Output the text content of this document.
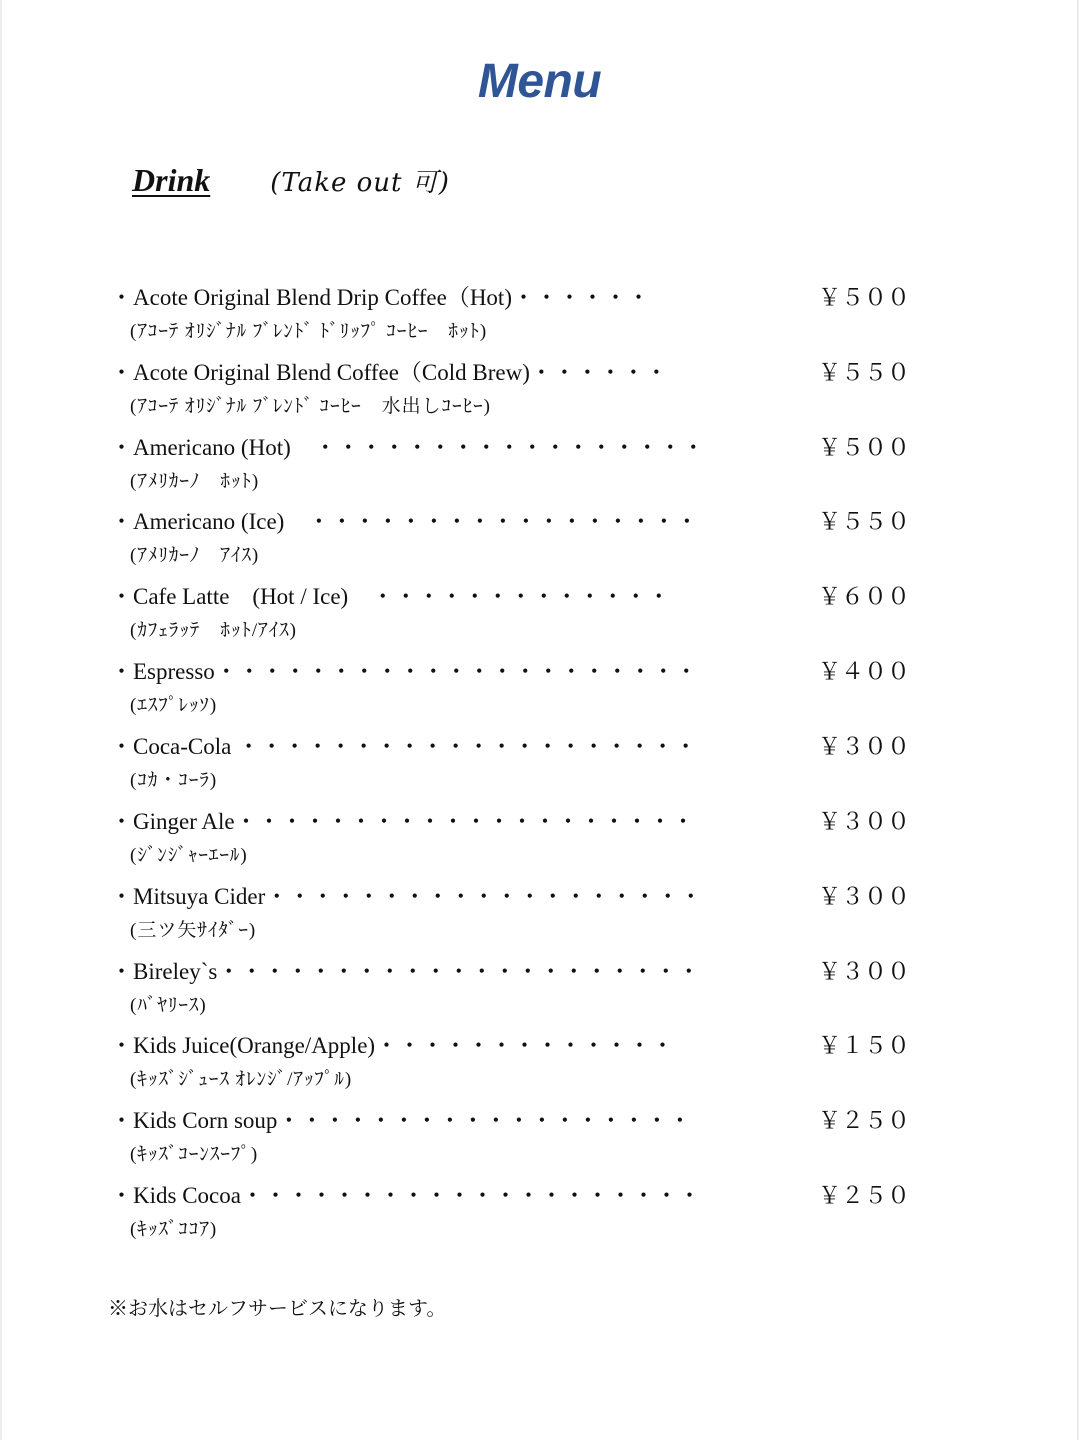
Menu
Drink (Take out 可)
・Acote Original Blend Drip Coffee（Hot)・・・・・・	￥５００
(ｱｺｰﾃ ｵﾘｼﾞﾅﾙ ﾌﾞﾚﾝﾄﾞ ﾄﾞﾘｯﾌﾟ ｺｰﾋｰ　ﾎｯﾄ)
・Acote Original Blend Coffee（Cold Brew)・・・・・・	￥５５０
(ｱｺｰﾃ ｵﾘｼﾞﾅﾙ ﾌﾞﾚﾝﾄﾞ ｺｰﾋｰ　水出しｺｰﾋｰ)
・Americano (Hot)　・・・・・・・・・・・・・・・・・	￥５００
(ｱﾒﾘｶｰﾉ　ﾎｯﾄ)
・Americano (Ice)　・・・・・・・・・・・・・・・・・	￥５５０
(ｱﾒﾘｶｰﾉ　ｱｲｽ)
・Cafe Latte　(Hot / Ice)　・・・・・・・・・・・・・	￥６００
(ｶﾌｪﾗｯﾃ　ﾎｯﾄ/ｱｲｽ)
・Espresso・・・・・・・・・・・・・・・・・・・・・	￥４００
(ｴｽﾌﾟﾚｯｿ)
・Coca-Cola ・・・・・・・・・・・・・・・・・・・・	￥３００
(ｺｶ・ｺｰﾗ)
・Ginger Ale・・・・・・・・・・・・・・・・・・・・	￥３００
(ｼﾞﾝｼﾞｬｰｴｰﾙ)
・Mitsuya Cider・・・・・・・・・・・・・・・・・・・	￥３００
(三ツ矢ｻｲﾀﾞｰ)
・Bireley`s・・・・・・・・・・・・・・・・・・・・・	￥３００
(ﾊﾞﾔﾘｰｽ)
・Kids Juice(Orange/Apple)・・・・・・・・・・・・・	￥１５０
(ｷｯｽﾞｼﾞｭｰｽ ｵﾚﾝｼﾞ/ｱｯﾌﾟﾙ)
・Kids Corn soup・・・・・・・・・・・・・・・・・・	￥２５０
(ｷｯｽﾞｺｰﾝｽｰﾌﾟ)
・Kids Cocoa・・・・・・・・・・・・・・・・・・・・	￥２５０
(ｷｯｽﾞｺｺｱ)
※お水はセルフサービスになります。
